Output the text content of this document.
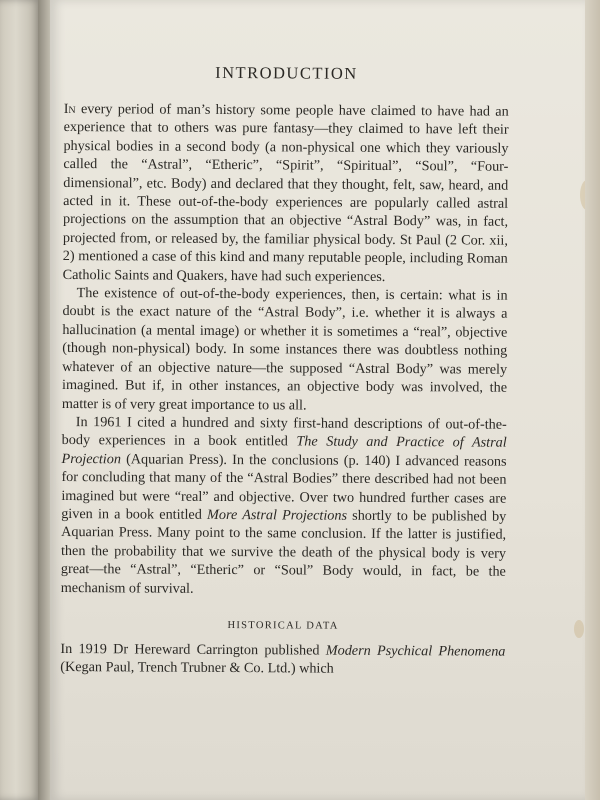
INTRODUCTION

In every period of man’s history some people have claimed to have had an experience that to others was pure fantasy—they claimed to have left their physical bodies in a second body (a non-physical one which they variously called the “Astral”, “Etheric”, “Spirit”, “Spiritual”, “Soul”, “Four-dimensional”, etc. Body) and declared that they thought, felt, saw, heard, and acted in it. These out-of-the-body experiences are popularly called astral projections on the assumption that an objective “Astral Body” was, in fact, projected from, or released by, the familiar physical body. St Paul (2 Cor. xii, 2) mentioned a case of this kind and many reputable people, including Roman Catholic Saints and Quakers, have had such experiences.

The existence of out-of-the-body experiences, then, is certain: what is in doubt is the exact nature of the “Astral Body”, i.e. whether it is always a hallucination (a mental image) or whether it is sometimes a “real”, objective (though non-physical) body. In some instances there was doubtless nothing whatever of an objective nature—the supposed “Astral Body” was merely imagined. But if, in other instances, an objective body was involved, the matter is of very great importance to us all.

In 1961 I cited a hundred and sixty first-hand descriptions of out-of-the-body experiences in a book entitled The Study and Practice of Astral Projection (Aquarian Press). In the conclusions (p. 140) I advanced reasons for concluding that many of the “Astral Bodies” there described had not been imagined but were “real” and objective. Over two hundred further cases are given in a book entitled More Astral Projections shortly to be published by Aquarian Press. Many point to the same conclusion. If the latter is justified, then the probability that we survive the death of the physical body is very great—the “Astral”, “Etheric” or “Soul” Body would, in fact, be the mechanism of survival.

HISTORICAL DATA

In 1919 Dr Hereward Carrington published Modern Psychical Phenomena (Kegan Paul, Trench Trubner & Co. Ltd.) which
